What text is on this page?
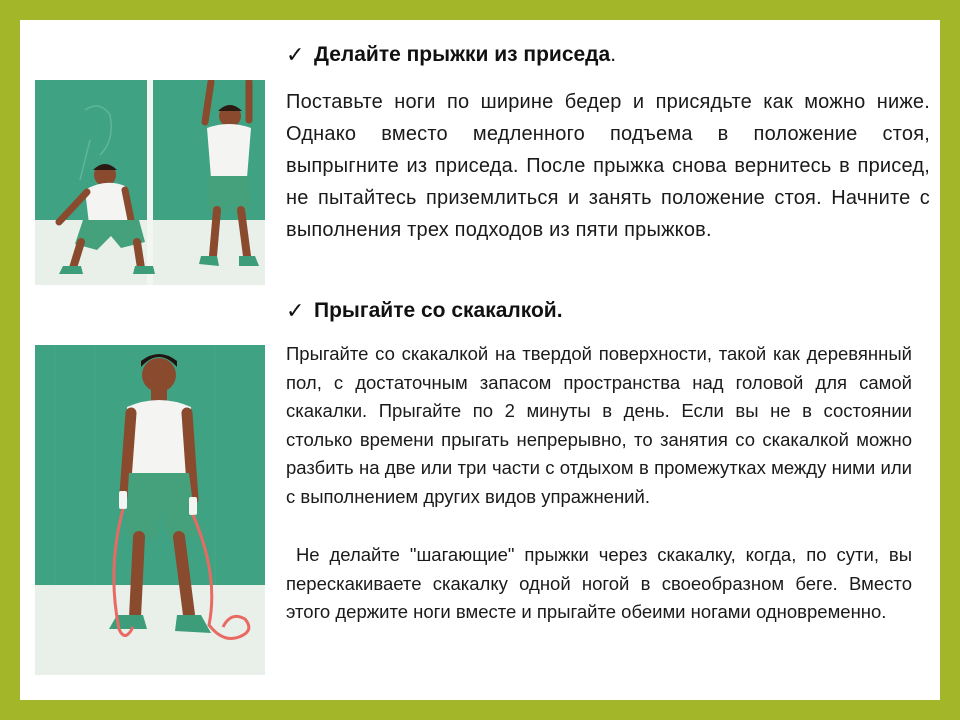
✓ Делайте прыжки из приседа.
Поставьте ноги по ширине бедер и присядьте как можно ниже. Однако вместо медленного подъема в положение стоя, выпрыгните из приседа. После прыжка снова вернитесь в присед, не пытайтесь приземлиться и занять положение стоя. Начните с выполнения трех подходов из пяти прыжков.
✓ Прыгайте со скакалкой.
Прыгайте со скакалкой на твердой поверхности, такой как деревянный пол, с достаточным запасом пространства над головой для самой скакалки. Прыгайте по 2 минуты в день. Если вы не в состоянии столько времени прыгать непрерывно, то занятия со скакалкой можно разбить на две или три части с отдыхом в промежутках между ними или с выполнением других видов упражнений.
Не делайте "шагающие" прыжки через скакалку, когда, по сути, вы перескакиваете скакалку одной ногой в своеобразном беге. Вместо этого держите ноги вместе и прыгайте обеими ногами одновременно.
